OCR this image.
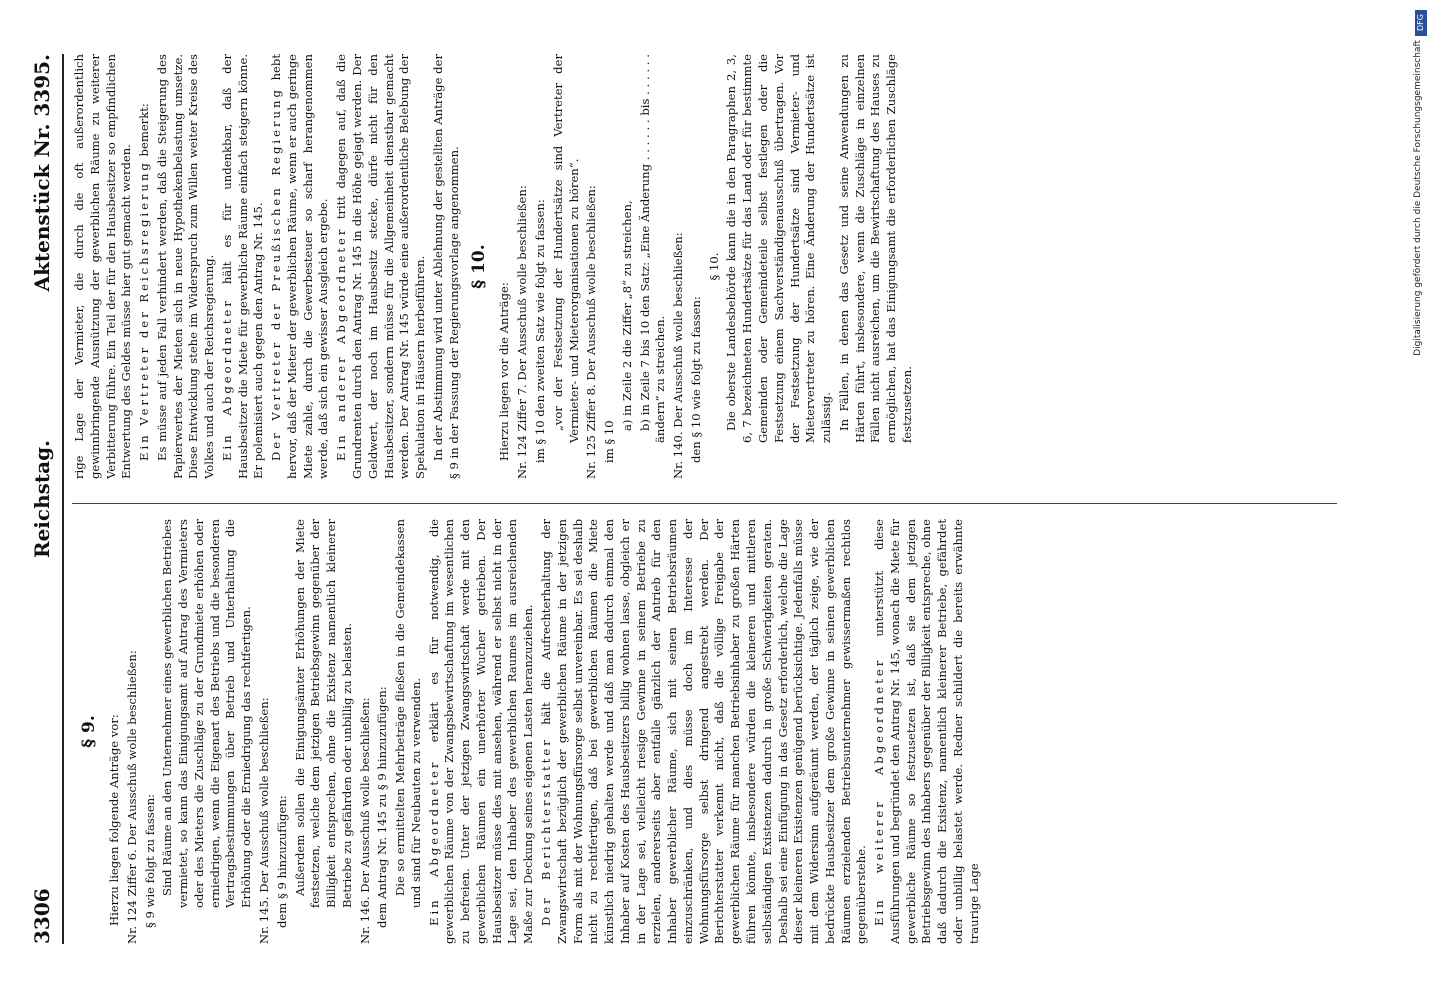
3306
Reichstag.
Aktenstück Nr. 3395.

§ 9. Hierzu liegen folgende Anträge vor: Nr. 124 Ziffer 6. Der Ausschuß wolle beschließen: § 9 wie folgt zu fassen: Sind Räume an den Unternehmer eines gewerblichen Betriebes vermietet, so kann das Einigungsamt auf Antrag des Vermieters oder des Mieters die Zuschläge zu der Grundmiete erhöhen oder erniedrigen, wenn die Eigenart des Betriebs und die besonderen Vertragsbestimmungen über Betrieb und Unterhaltung die Erhöhung oder die Erniedrigung das rechtfertigen. Nr. 145. Der Ausschuß wolle beschließen: dem § 9 hinzuzufügen: Außerdem sollen die Einigungsämter Erhöhungen der Miete festsetzen, welche dem jetzigen Betriebsgewinn gegenüber der Billigkeit entsprechen, ohne die Existenz namentlich kleinerer Betriebe zu gefährden oder unbillig zu belasten. Nr. 146. Der Ausschuß wolle beschließen: dem Antrag Nr. 145 zu § 9 hinzuzufügen: Die so ermittelten Mehrbeträge fließen in die Gemeindekassen und sind für Neubauten zu verwenden. Ein Abgeordneter erklärt es für notwendig, die gewerblichen Räume von der Zwangsbewirtschaftung im wesentlichen zu befreien. Unter der jetzigen Zwangswirtschaft werde mit den gewerblichen Räumen ein unerhörter Wucher getrieben. Der Hausbesitzer müsse dies mit ansehen, während er selbst nicht in der Lage sei, den Inhaber des gewerblichen Raumes im ausreichenden Maße zur Deckung seines eigenen Lasten heranzuziehen. Der Berichterstatter hält die Aufrechterhaltung der Zwangswirtschaft bezüglich der gewerblichen Räume in der jetzigen Form als mit der Wohnungsfürsorge selbst unvereinbar. Es sei deshalb nicht zu rechtfertigen, daß bei gewerblichen Räumen die Miete künstlich niedrig gehalten werde und daß man dadurch einmal den Inhaber auf Kosten des Hausbesitzers billig wohnen lasse, obgleich er in der Lage sei, vielleicht riesige Gewinne in seinem Betriebe zu erzielen, andererseits aber entfalle gänzlich der Antrieb für den Inhaber gewerblicher Räume, sich mit seinen Betriebsräumen einzuschränken, und dies müsse doch im Interesse der Wohnungsfürsorge selbst dringend angestrebt werden. Der Berichterstatter verkennt nicht, daß die völlige Freigabe der gewerblichen Räume für manchen Betriebsinhaber zu großen Härten führen könnte, insbesondere würden die kleineren und mittleren selbständigen Existenzen dadurch in große Schwierigkeiten geraten. Deshalb sei eine Einfügung in das Gesetz erforderlich, welche die Lage dieser kleineren Existenzen genügend berücksichtige. Jedenfalls müsse mit dem Widersinn aufgeräumt werden, der täglich zeige, wie der bedrückte Hausbesitzer dem große Gewinne in seinen gewerblichen Räumen erzielenden Betriebsunternehmer gewissermaßen rechtlos gegenüberstehe. Ein weiterer Abgeordneter unterstützt diese Ausführungen und begründet den Antrag Nr. 145, wonach die Miete für gewerbliche Räume so festzusetzen ist, daß sie dem jetzigen Betriebsgewinn des Inhabers gegenüber der Billigkeit entspreche, ohne daß dadurch die Existenz, namentlich kleinerer Betriebe, gefährdet oder unbillig belastet werde. Redner schildert die bereits erwähnte traurige Lage

rige Lage der Vermieter, die durch die oft außerordentlich gewinnbringende Ausnützung der gewerblichen Räume zu weiterer Verbitterung führe. Ein Teil der für den Hausbesitzer so empfindlichen Entwertung des Geldes müsse hier gut gemacht werden. Ein Vertreter der Reichsregierung bemerkt: Es müsse auf jeden Fall verhindert werden, daß die Steigerung des Papierwertes der Mieten sich in neue Hypothekenbelastung umsetze. Diese Entwicklung stehe im Widerspruch zum Willen weiter Kreise des Volkes und auch der Reichsregierung. Ein Abgeordneter hält es für undenkbar, daß der Hausbesitzer die Miete für gewerbliche Räume einfach steigern könne. Er polemisiert auch gegen den Antrag Nr. 145. Der Vertreter der Preußischen Regierung hebt hervor, daß der Mieter der gewerblichen Räume, wenn er auch geringe Miete zahle, durch die Gewerbesteuer so scharf herangenommen werde, daß sich ein gewisser Ausgleich ergebe. Ein anderer Abgeordneter tritt dagegen auf, daß die Grundrenten durch den Antrag Nr. 145 in die Höhe gejagt werden. Der Geldwert, der noch im Hausbesitz stecke, dürfe nicht für den Hausbesitzer, sondern müsse für die Allgemeinheit dienstbar gemacht werden. Der Antrag Nr. 145 würde eine außerordentliche Belebung der Spekulation in Häusern herbeiführen. In der Abstimmung wird unter Ablehnung der gestellten Anträge der § 9 in der Fassung der Regierungsvorlage angenommen. § 10.

Hierzu liegen vor die Anträge: Nr. 124 Ziffer 7. Der Ausschuß wolle beschließen: im § 10 den zweiten Satz wie folgt zu fassen: „vor der Festsetzung der Hundertsätze sind Vertreter der Vermieter- und Mieterorganisationen zu hören“. Nr. 125 Ziffer 8. Der Ausschuß wolle beschließen: im § 10

a) in Zeile 2 die Ziffer „8“ zu streichen, b) in Zeile 7 bis 10 den Satz: „Eine Änderung . . . . . . bis . . . . . . ändern“ zu streichen. Nr. 140. Der Ausschuß wolle beschließen: den § 10 wie folgt zu fassen:

§ 10. Die oberste Landesbehörde kann die in den Paragraphen 2, 3, 6, 7 bezeichneten Hundertsätze für das Land oder für bestimmte Gemeinden oder Gemeindeteile selbst festlegen oder die Festsetzung einem Sachverständigenausschuß übertragen. Vor der Festsetzung der Hundertsätze sind Vermieter- und Mietervertreter zu hören. Eine Änderung der Hundertsätze ist zulässig. In Fällen, in denen das Gesetz und seine Anwendungen zu Härten führt, insbesondere, wenn die Zuschläge in einzelnen Fällen nicht ausreichen, um die Bewirtschaftung des Hauses zu ermöglichen, hat das Einigungsamt die erforderlichen Zuschläge festzusetzen.

DFG
Digitalisierung gefördert durch die Deutsche Forschungsgemeinschaft
